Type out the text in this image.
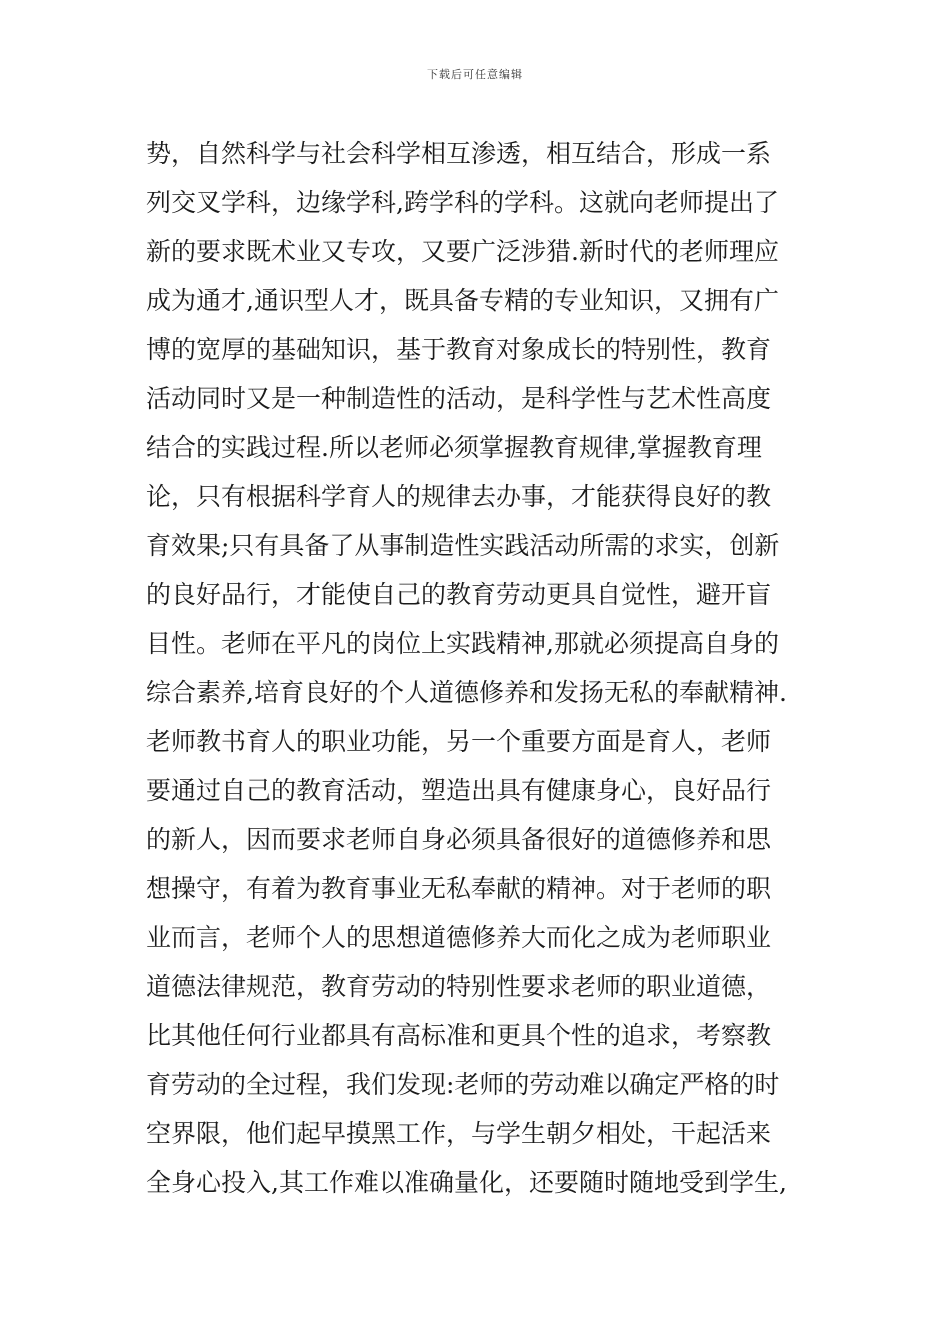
下载后可任意编辑
势，自然科学与社会科学相互渗透，相互结合，形成一系
列交叉学科，边缘学科,跨学科的学科。这就向老师提出了
新的要求既术业又专攻，又要广泛涉猎.新时代的老师理应
成为通才,通识型人才，既具备专精的专业知识，又拥有广
博的宽厚的基础知识，基于教育对象成长的特别性，教育
活动同时又是一种制造性的活动，是科学性与艺术性高度
结合的实践过程.所以老师必须掌握教育规律,掌握教育理
论，只有根据科学育人的规律去办事，才能获得良好的教
育效果;只有具备了从事制造性实践活动所需的求实，创新
的良好品行，才能使自己的教育劳动更具自觉性，避开盲
目性。老师在平凡的岗位上实践精神,那就必须提高自身的
综合素养,培育良好的个人道德修养和发扬无私的奉献精神.
老师教书育人的职业功能，另一个重要方面是育人，老师
要通过自己的教育活动，塑造出具有健康身心，良好品行
的新人，因而要求老师自身必须具备很好的道德修养和思
想操守，有着为教育事业无私奉献的精神。对于老师的职
业而言，老师个人的思想道德修养大而化之成为老师职业
道德法律规范，教育劳动的特别性要求老师的职业道德，
比其他任何行业都具有高标准和更具个性的追求，考察教
育劳动的全过程，我们发现:老师的劳动难以确定严格的时
空界限，他们起早摸黑工作，与学生朝夕相处，干起活来
全身心投入,其工作难以准确量化，还要随时随地受到学生,
